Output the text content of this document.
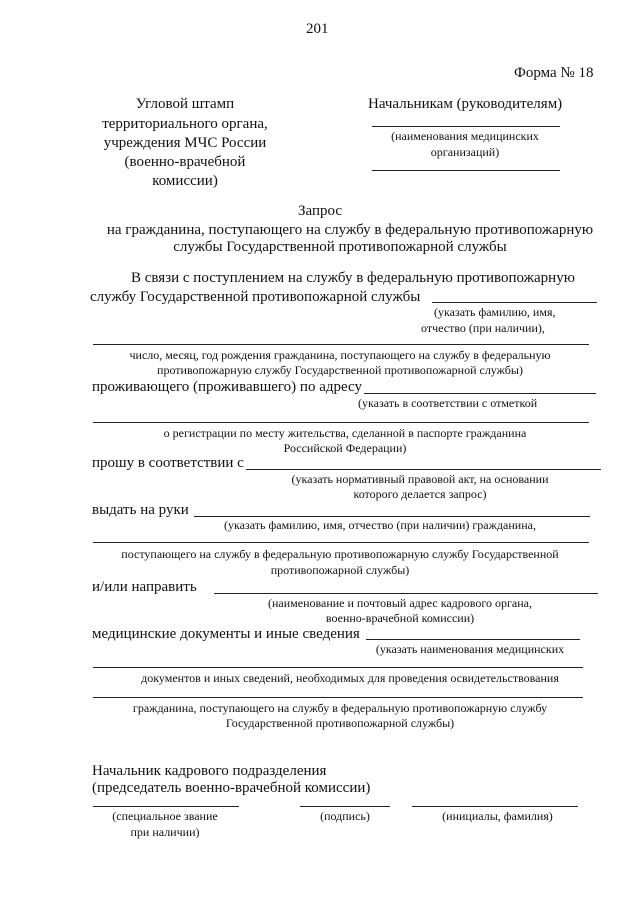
201
Форма № 18
Угловой штамп
территориального органа,
учреждения МЧС России
(военно-врачебной
комиссии)
Начальникам (руководителям)
(наименования медицинских
организаций)
Запрос
на гражданина, поступающего на службу в федеральную противопожарную
службы Государственной противопожарной службы
В связи с поступлением на службу в федеральную противопожарную
службу Государственной противопожарной службы
(указать фамилию, имя,
отчество (при наличии),
число, месяц, год рождения гражданина, поступающего на службу в федеральную
противопожарную службу Государственной противопожарной службы)
проживающего (проживавшего) по адресу
(указать в соответствии с отметкой
о регистрации по месту жительства, сделанной в паспорте гражданина
Российской Федерации)
прошу в соответствии с
(указать нормативный правовой акт, на основании
которого делается запрос)
выдать на руки
(указать фамилию, имя, отчество (при наличии) гражданина,
поступающего на службу в федеральную противопожарную службу Государственной
противопожарной службы)
и/или направить
(наименование и почтовый адрес кадрового органа,
военно-врачебной комиссии)
медицинские документы и иные сведения
(указать наименования медицинских
документов и иных сведений, необходимых для проведения освидетельствования
гражданина, поступающего на службу в федеральную противопожарную службу
Государственной противопожарной службы)
Начальник кадрового подразделения
(председатель военно-врачебной комиссии)
(специальное звание
при наличии)
(подпись)	(инициалы, фамилия)
